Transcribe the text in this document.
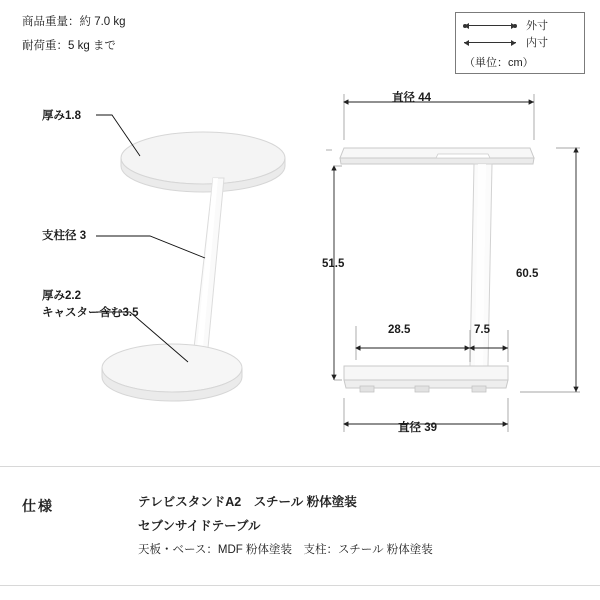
商品重量：約 7.0 kg
耐荷重：5 kg まで
外寸
内寸
（単位：cm）
厚み1.8
支柱径 3
厚み2.2
キャスター含む3.5
直径 44
51.5
60.5
28.5	7.5
直径 39
仕様	テレビスタンドA2　スチール 粉体塗装
セブンサイドテーブル
天板・ベース：MDF 粉体塗装　支柱：スチール 粉体塗装
